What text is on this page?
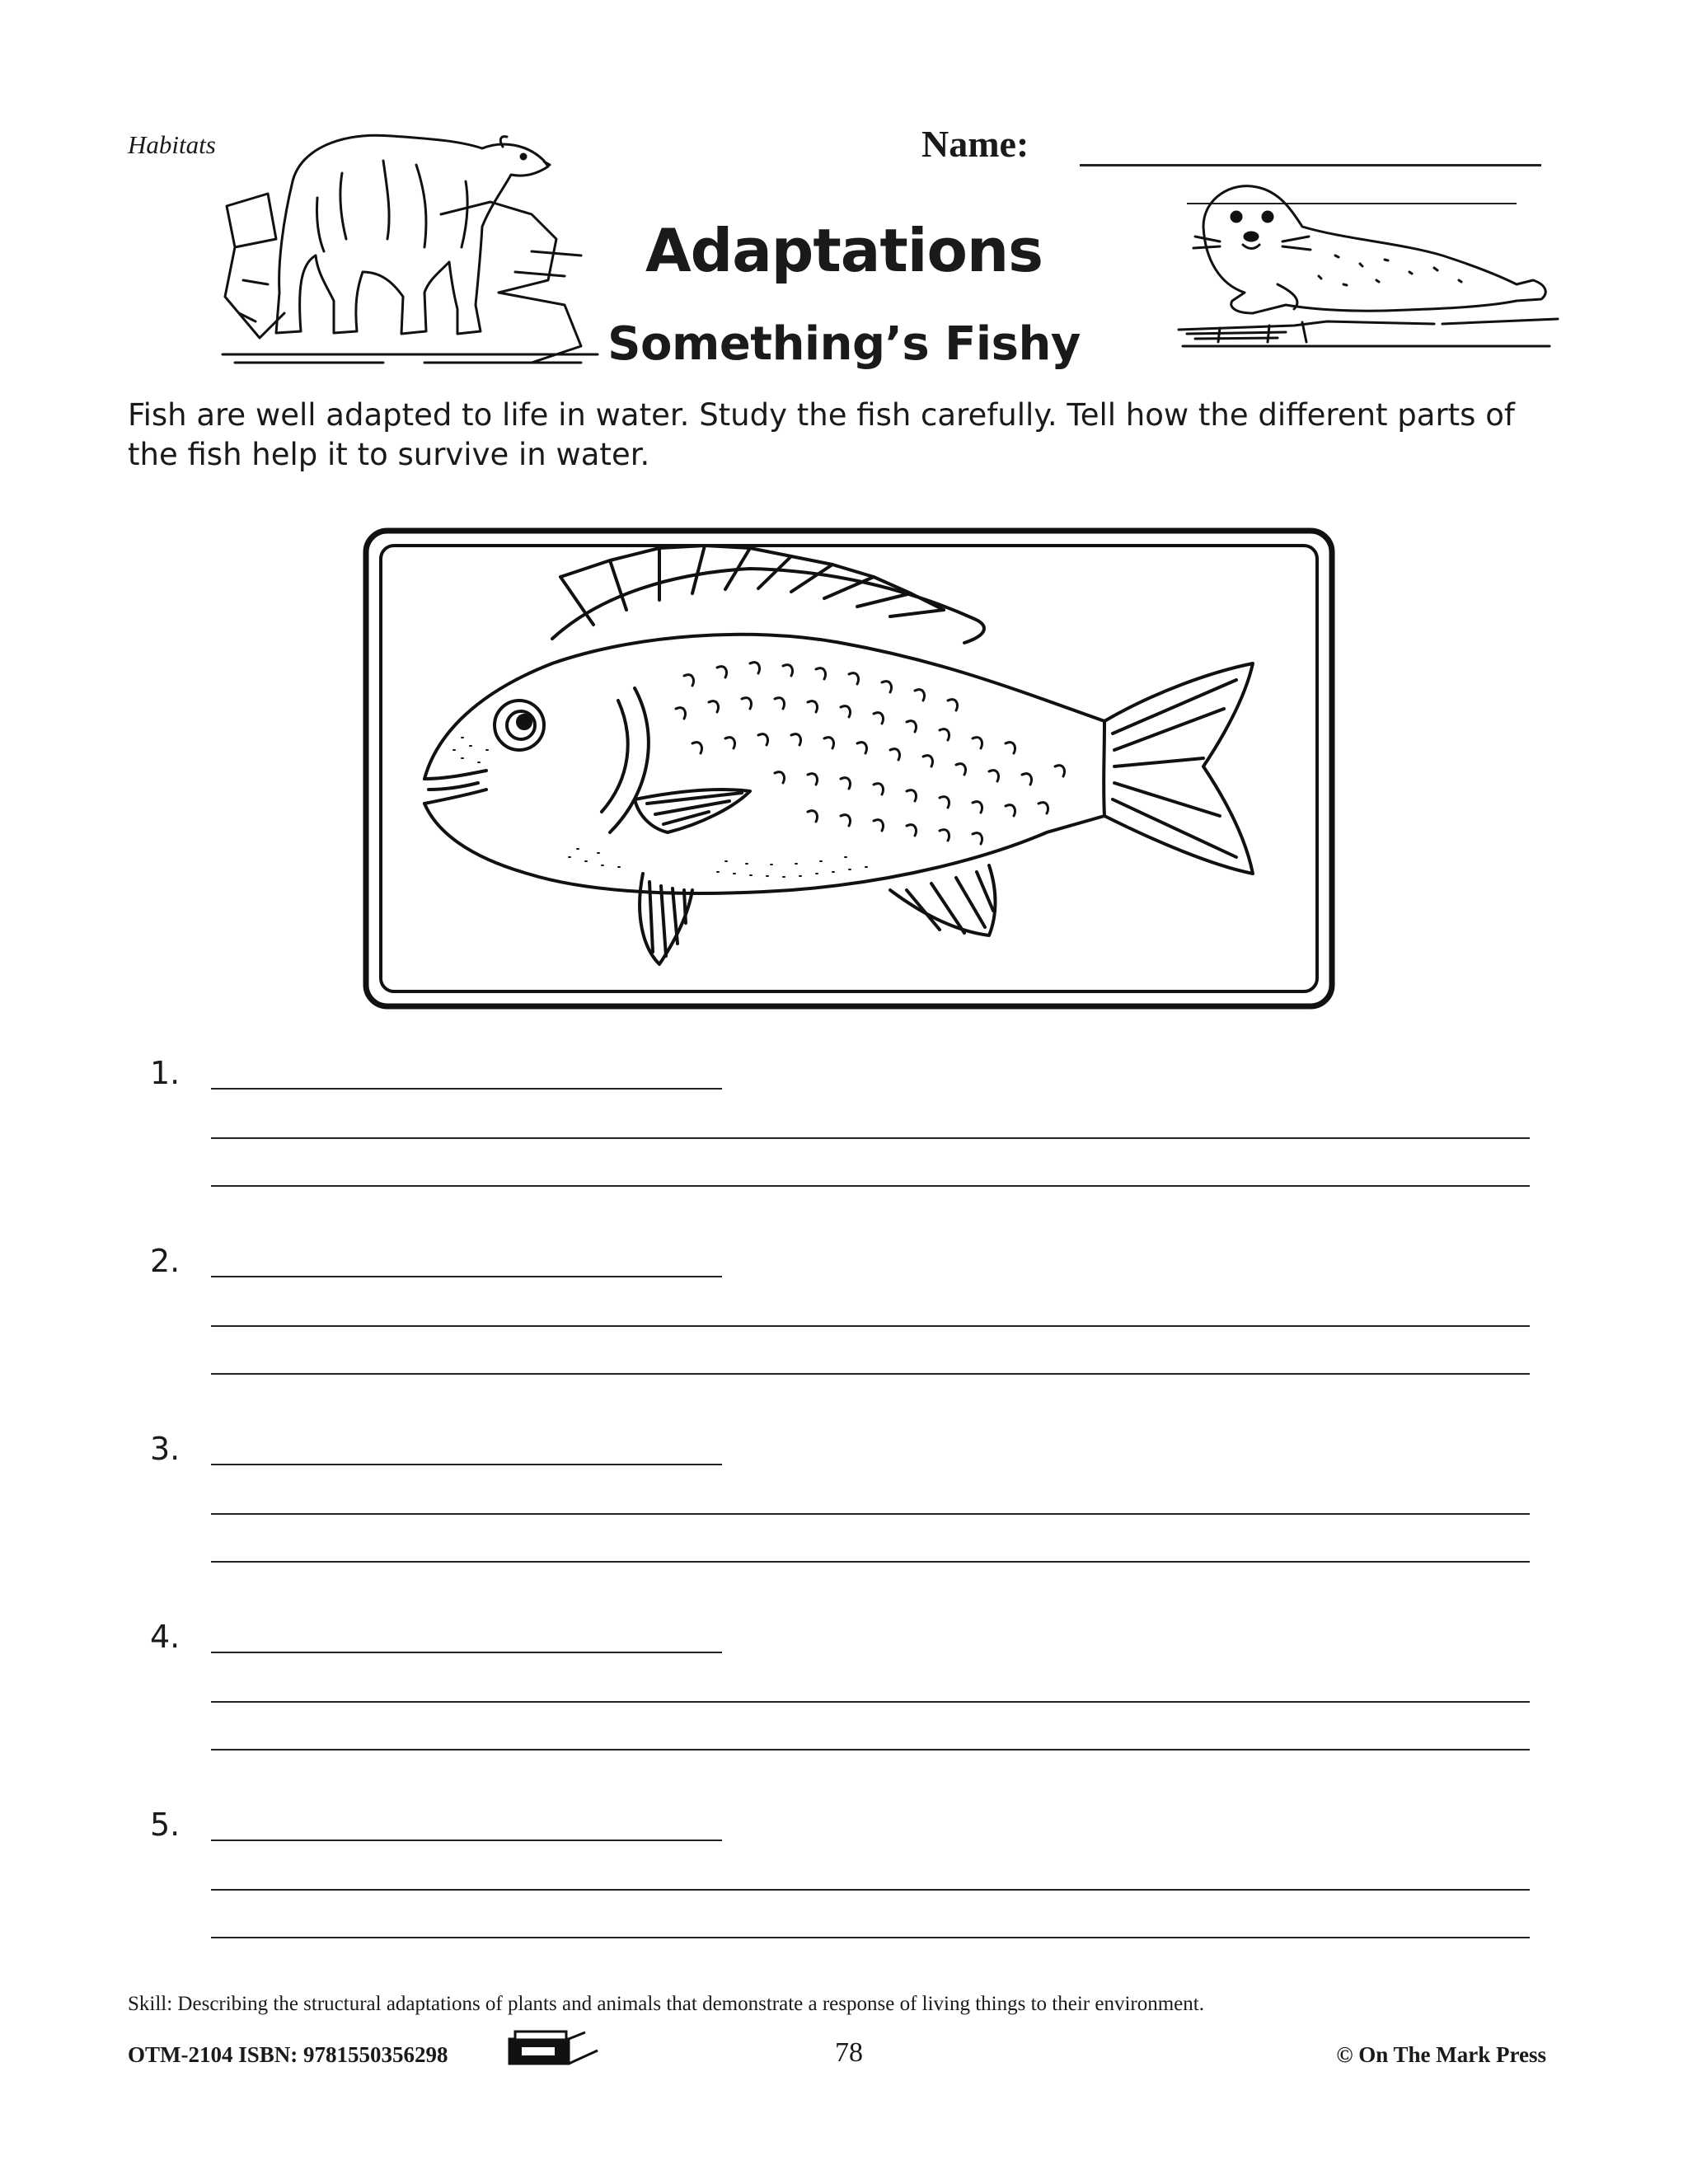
Habitats	Name:
Adaptations
Something’s Fishy
Fish are well adapted to life in water. Study the fish carefully. Tell how the different parts of the fish help it to survive in water.
1.
2.
3.
4.
5.
Skill: Describing the structural adaptations of plants and animals that demonstrate a response of living things to their environment.
OTM-2104 ISBN: 9781550356298	78	© On The Mark Press
